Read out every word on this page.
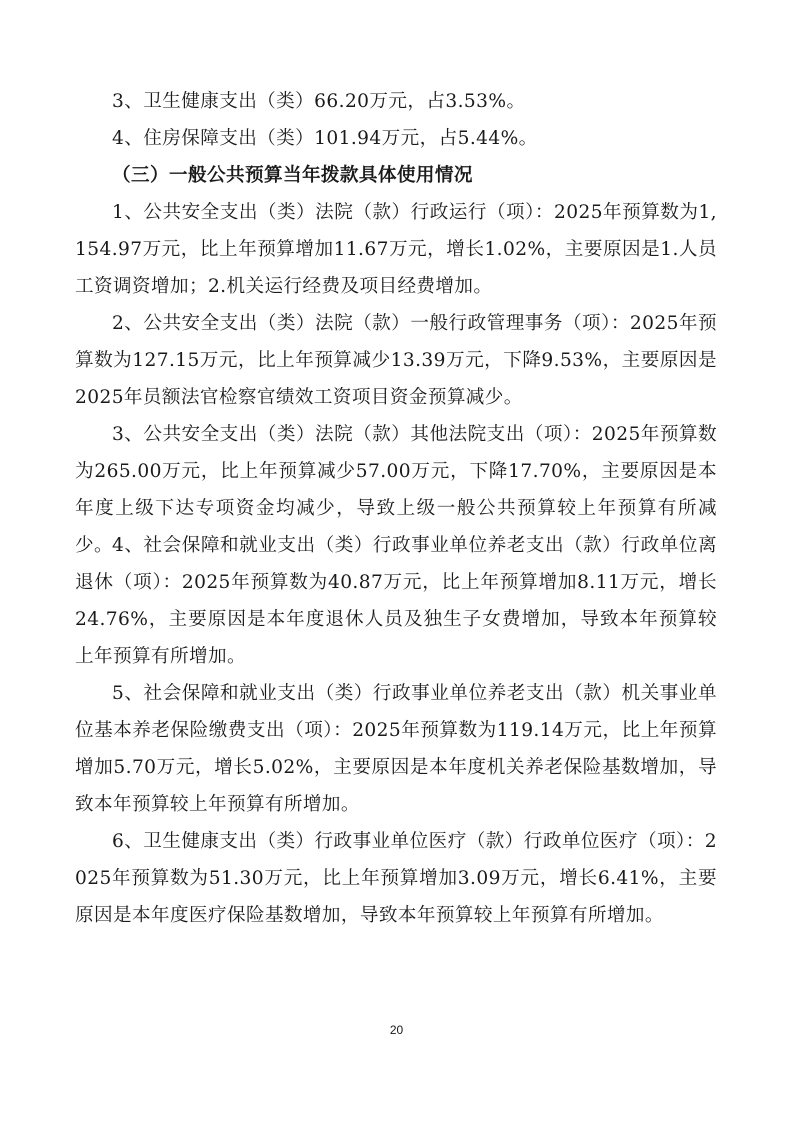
3、卫生健康支出（类）66.20万元，占3.53%。

4、住房保障支出（类）101.94万元，占5.44%。

（三）一般公共预算当年拨款具体使用情况

1、公共安全支出（类）法院（款）行政运行（项）：2025年预算数为1,154.97万元，比上年预算增加11.67万元，增长1.02%，主要原因是1.人员工资调资增加；2.机关运行经费及项目经费增加。

2、公共安全支出（类）法院（款）一般行政管理事务（项）：2025年预算数为127.15万元，比上年预算减少13.39万元，下降9.53%，主要原因是2025年员额法官检察官绩效工资项目资金预算减少。

3、公共安全支出（类）法院（款）其他法院支出（项）：2025年预算数为265.00万元，比上年预算减少57.00万元，下降17.70%，主要原因是本年度上级下达专项资金均减少，导致上级一般公共预算较上年预算有所减少。 4、社会保障和就业支出（类）行政事业单位养老支出（款）行政单位离退休（项）：2025年预算数为40.87万元，比上年预算增加8.11万元，增长24.76%，主要原因是本年度退休人员及独生子女费增加，导致本年预算较上年预算有所增加。

5、社会保障和就业支出（类）行政事业单位养老支出（款）机关事业单位基本养老保险缴费支出（项）：2025年预算数为119.14万元，比上年预算增加5.70万元，增长5.02%，主要原因是本年度机关养老保险基数增加，导致本年预算较上年预算有所增加。

6、卫生健康支出（类）行政事业单位医疗（款）行政单位医疗（项）：2025年预算数为51.30万元，比上年预算增加3.09万元，增长6.41%，主要原因是本年度医疗保险基数增加，导致本年预算较上年预算有所增加。

20
